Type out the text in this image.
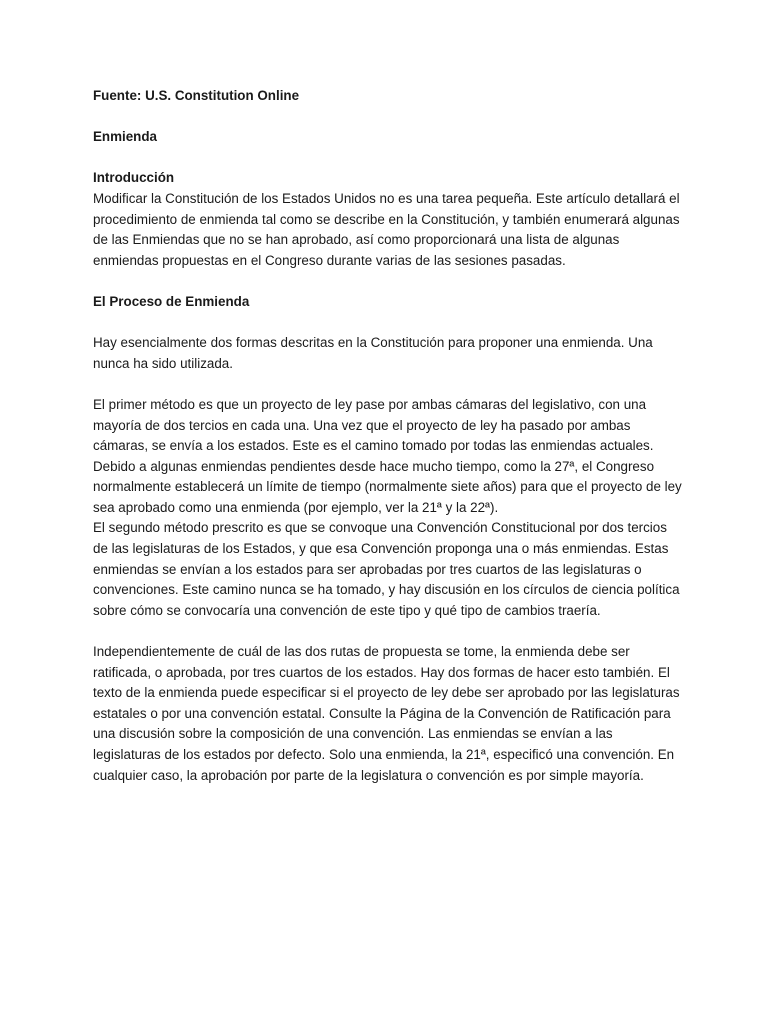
Fuente: U.S. Constitution Online

Enmienda

Introducción

Modificar la Constitución de los Estados Unidos no es una tarea pequeña. Este artículo detallará el procedimiento de enmienda tal como se describe en la Constitución, y también enumerará algunas de las Enmiendas que no se han aprobado, así como proporcionará una lista de algunas enmiendas propuestas en el Congreso durante varias de las sesiones pasadas.

El Proceso de Enmienda

Hay esencialmente dos formas descritas en la Constitución para proponer una enmienda. Una nunca ha sido utilizada.

El primer método es que un proyecto de ley pase por ambas cámaras del legislativo, con una mayoría de dos tercios en cada una. Una vez que el proyecto de ley ha pasado por ambas cámaras, se envía a los estados. Este es el camino tomado por todas las enmiendas actuales. Debido a algunas enmiendas pendientes desde hace mucho tiempo, como la 27ª, el Congreso normalmente establecerá un límite de tiempo (normalmente siete años) para que el proyecto de ley sea aprobado como una enmienda (por ejemplo, ver la 21ª y la 22ª).

El segundo método prescrito es que se convoque una Convención Constitucional por dos tercios de las legislaturas de los Estados, y que esa Convención proponga una o más enmiendas. Estas enmiendas se envían a los estados para ser aprobadas por tres cuartos de las legislaturas o convenciones. Este camino nunca se ha tomado, y hay discusión en los círculos de ciencia política sobre cómo se convocaría una convención de este tipo y qué tipo de cambios traería.

Independientemente de cuál de las dos rutas de propuesta se tome, la enmienda debe ser ratificada, o aprobada, por tres cuartos de los estados. Hay dos formas de hacer esto también. El texto de la enmienda puede especificar si el proyecto de ley debe ser aprobado por las legislaturas estatales o por una convención estatal. Consulte la Página de la Convención de Ratificación para una discusión sobre la composición de una convención. Las enmiendas se envían a las legislaturas de los estados por defecto. Solo una enmienda, la 21ª, especificó una convención. En cualquier caso, la aprobación por parte de la legislatura o convención es por simple mayoría.
